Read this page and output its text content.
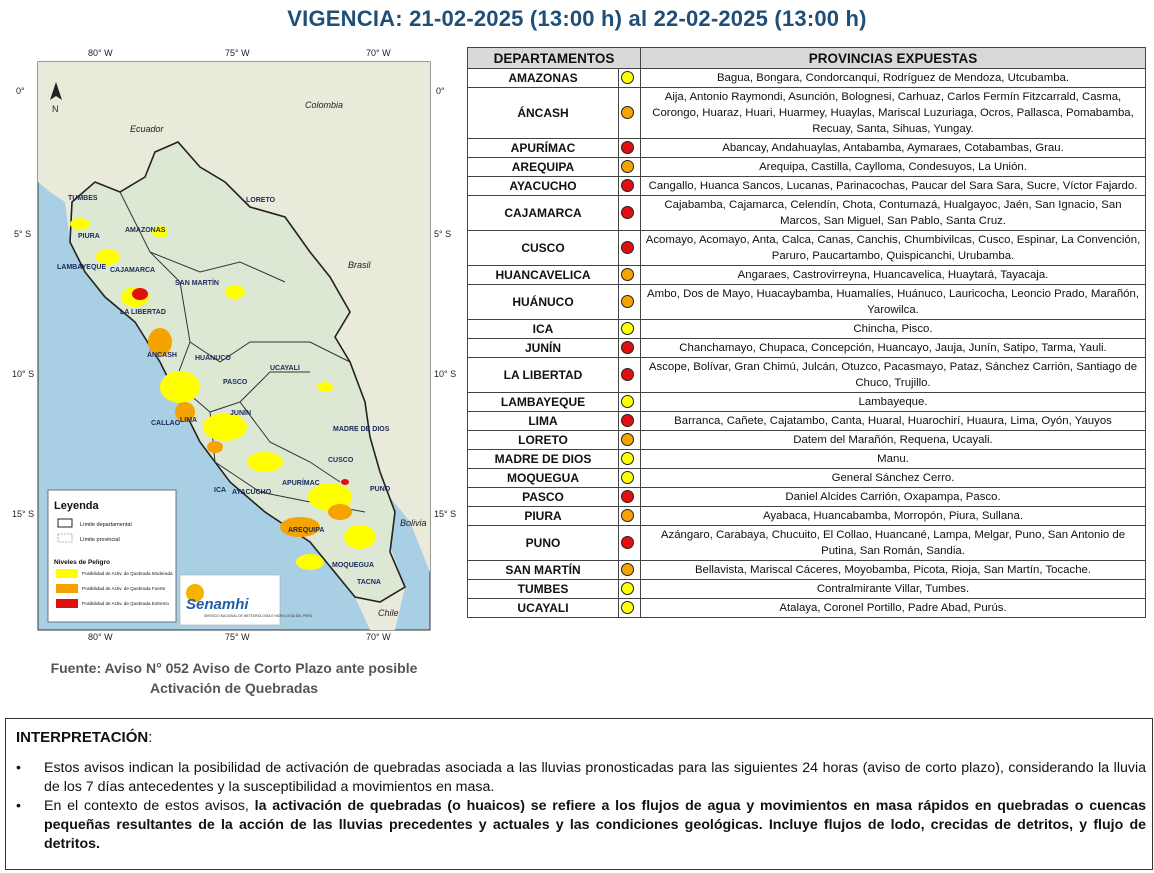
VIGENCIA: 21-02-2025 (13:00 h) al 22-02-2025 (13:00 h)
80° W	75° W	70° W
80° W	75° W	70° W
0°
5° S
10° S
15° S
0°
5° S
10° S
15° S
N	Colombia
Ecuador
Brasil
Bolivia
Chile
TUMBES
PIURA
AMAZONAS
LORETO
LAMBAYEQUE CAJAMARCA
SAN MARTÍN
LA LIBERTAD
ÁNCASH	HUÁNUCO
UCAYALI
PASCO
LIMA
CALLAO
JUNÍN
MADRE DE DIOS
CUSCO
ICA AYACUCHO
APURÍMAC
PUNO
AREQUIPA
MOQUEGUA
TACNA
Leyenda
Límite departamental
Límite provincial
Niveles de Peligro
Posibilidad de Activ. de Quebrada Moderada
Posibilidad de Activ. de Quebrada Fuerte
Posibilidad de Activ. de Quebrada Extremo Senamhi
SERVICIO NACIONAL DE METEOROLOGÍA E HIDROLOGÍA DEL PERÚ
Fuente: Aviso N° 052 Aviso de Corto Plazo ante posible
Activación de Quebradas
DEPARTAMENTOS		PROVINCIAS EXPUESTAS
AMAZONAS		Bagua, Bongara, Condorcanqui, Rodríguez de Mendoza, Utcubamba.
ÁNCASH		Aija, Antonio Raymondi, Asunción, Bolognesi, Carhuaz, Carlos Fermín Fitzcarrald, Casma, Corongo, Huaraz, Huari, Huarmey, Huaylas, Mariscal Luzuriaga, Ocros, Pallasca, Pomabamba, Recuay, Santa, Sihuas, Yungay.
APURÍMAC		Abancay, Andahuaylas, Antabamba, Aymaraes, Cotabambas, Grau.
AREQUIPA		Arequipa, Castilla, Caylloma, Condesuyos, La Unión.
AYACUCHO		Cangallo, Huanca Sancos, Lucanas, Parinacochas, Paucar del Sara Sara, Sucre, Víctor Fajardo.
CAJAMARCA		Cajabamba, Cajamarca, Celendín, Chota, Contumazá, Hualgayoc, Jaén, San Ignacio, San Marcos, San Miguel, San Pablo, Santa Cruz.
CUSCO		Acomayo, Acomayo, Anta, Calca, Canas, Canchis, Chumbivilcas, Cusco, Espinar, La Convención, Paruro, Paucartambo, Quispicanchi, Urubamba.
HUANCAVELICA		Angaraes, Castrovirreyna, Huancavelica, Huaytará, Tayacaja.
HUÁNUCO		Ambo, Dos de Mayo, Huacaybamba, Huamalíes, Huánuco, Lauricocha, Leoncio Prado, Marañón, Yarowilca.
ICA		Chincha, Pisco.
JUNÍN		Chanchamayo, Chupaca, Concepción, Huancayo, Jauja, Junín, Satipo, Tarma, Yauli.
LA LIBERTAD		Ascope, Bolívar, Gran Chimú, Julcán, Otuzco, Pacasmayo, Pataz, Sánchez Carrión, Santiago de Chuco, Trujillo.
LAMBAYEQUE		Lambayeque.
LIMA		Barranca, Cañete, Cajatambo, Canta, Huaral, Huarochirí, Huaura, Lima, Oyón, Yauyos
LORETO		Datem del Marañón, Requena, Ucayali.
MADRE DE DIOS		Manu.
MOQUEGUA		General Sánchez Cerro.
PASCO		Daniel Alcides Carrión, Oxapampa, Pasco.
PIURA		Ayabaca, Huancabamba, Morropón, Piura, Sullana.
PUNO		Azángaro, Carabaya, Chucuito, El Collao, Huancané, Lampa, Melgar, Puno, San Antonio de Putina, San Román, Sandia.
SAN MARTÍN		Bellavista, Mariscal Cáceres, Moyobamba, Picota, Rioja, San Martín, Tocache.
TUMBES		Contralmirante Villar, Tumbes.
UCAYALI		Atalaya, Coronel Portillo, Padre Abad, Purús.
INTERPRETACIÓN:
• Estos avisos indican la posibilidad de activación de quebradas asociada a las lluvias pronosticadas para las siguientes 24 horas (aviso de corto plazo), considerando la lluvia de los 7 días antecedentes y la susceptibilidad a movimientos en masa.
• En el contexto de estos avisos, la activación de quebradas (o huaicos) se refiere a los flujos de agua y movimientos en masa rápidos en quebradas o cuencas pequeñas resultantes de la acción de las lluvias precedentes y actuales y las condiciones geológicas. Incluye flujos de lodo, crecidas de detritos, y flujo de detritos.
